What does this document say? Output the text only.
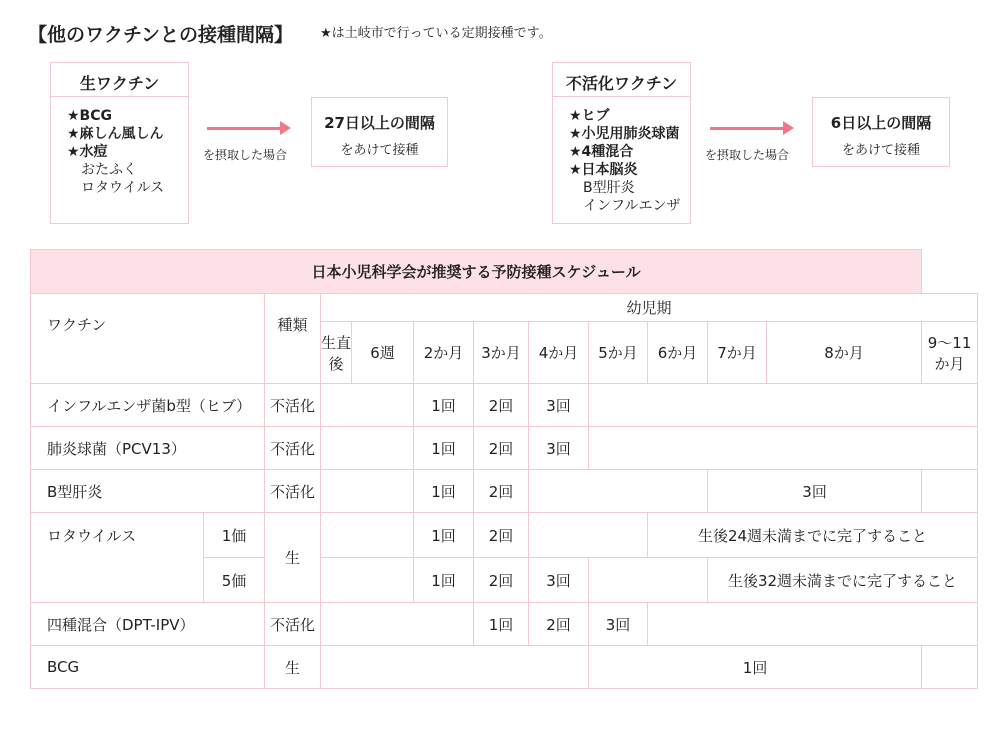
【他のワクチンとの接種間隔】 ★は土岐市で行っている定期接種です。
生ワクチン
★BCG
★麻しん風しん
★水痘
おたふく
ロタウイルス
を摂取した場合
27日以上の間隔
をあけて接種
不活化ワクチン
★ヒブ
★小児用肺炎球菌
★4種混合
★日本脳炎
B型肝炎
インフルエンザ
を摂取した場合
6日以上の間隔
をあけて接種
日本小児科学会が推奨する予防接種スケジュール												
ワクチン		種類	幼児期									
			生直後	6週	2か月	3か月	4か月	5か月	6か月	7か月	8か月	9～11か月
インフルエンザ菌b型（ヒブ）		不活化			1回	2回	3回					
肺炎球菌（PCV13）		不活化			1回	2回	3回					
B型肝炎		不活化			1回	2回				3回		
ロタウイルス	1価	生			1回	2回			生後24週未満までに完了すること			
	5価				1回	2回	3回			生後32週未満までに完了すること		
四種混合（DPT-IPV）		不活化				1回	2回	3回				
BCG		生						1回				
